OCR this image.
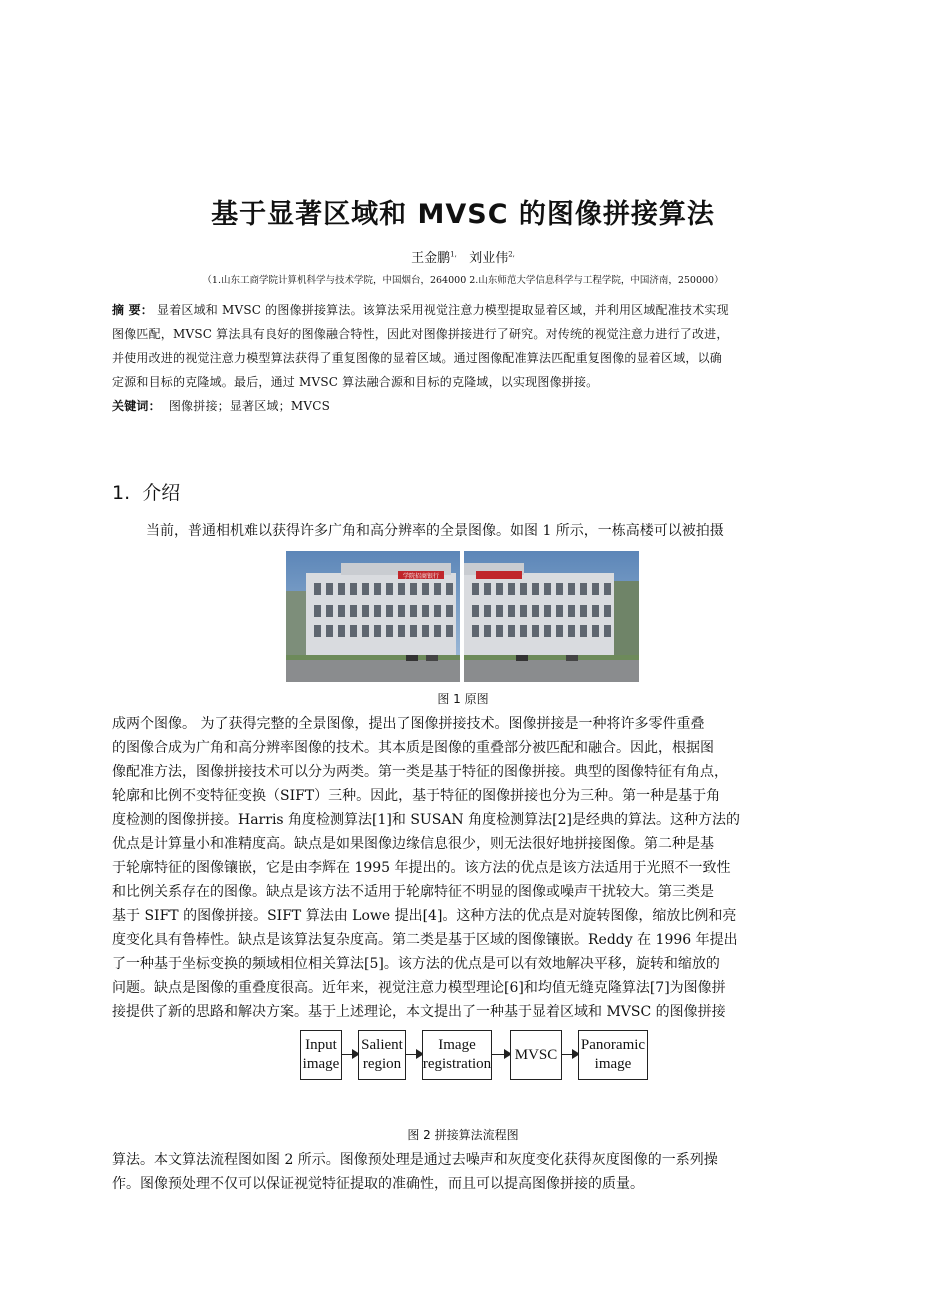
基于显著区域和 MVSC 的图像拼接算法
王金鹏$^{1,}$ 刘业伟$^{2,}$
（1.山东工商学院计算机科学与技术学院，中国烟台，264000 2.山东师范大学信息科学与工程学院，中国济南，250000）
摘 要： 显着区域和 MVSC 的图像拼接算法。该算法采用视觉注意力模型提取显着区域，并利用区域配准技术实现
图像匹配，MVSC 算法具有良好的图像融合特性，因此对图像拼接进行了研究。对传统的视觉注意力进行了改进，
并使用改进的视觉注意力模型算法获得了重复图像的显着区域。通过图像配准算法匹配重复图像的显着区域，以确
定源和目标的克隆域。最后，通过 MVSC 算法融合源和目标的克隆域，以实现图像拼接。
关键词： 图像拼接；显著区域；MVCS
1. 介绍
当前，普通相机难以获得许多广角和高分辨率的全景图像。如图 1 所示，一栋高楼可以被拍摄
学院招商银行
图 1 原图
成两个图像。 为了获得完整的全景图像，提出了图像拼接技术。图像拼接是一种将许多零件重叠
的图像合成为广角和高分辨率图像的技术。其本质是图像的重叠部分被匹配和融合。因此，根据图
像配准方法，图像拼接技术可以分为两类。第一类是基于特征的图像拼接。典型的图像特征有角点，
轮廓和比例不变特征变换（SIFT）三种。因此，基于特征的图像拼接也分为三种。第一种是基于角
度检测的图像拼接。Harris 角度检测算法[1]和 SUSAN 角度检测算法[2]是经典的算法。这种方法的
优点是计算量小和准精度高。缺点是如果图像边缘信息很少，则无法很好地拼接图像。第二种是基
于轮廓特征的图像镶嵌，它是由李辉在 1995 年提出的。该方法的优点是该方法适用于光照不一致性
和比例关系存在的图像。缺点是该方法不适用于轮廓特征不明显的图像或噪声干扰较大。第三类是
基于 SIFT 的图像拼接。SIFT 算法由 Lowe 提出[4]。这种方法的优点是对旋转图像，缩放比例和亮
度变化具有鲁棒性。缺点是该算法复杂度高。第二类是基于区域的图像镶嵌。Reddy 在 1996 年提出
了一种基于坐标变换的频域相位相关算法[5]。该方法的优点是可以有效地解决平移，旋转和缩放的
问题。缺点是图像的重叠度很高。近年来，视觉注意力模型理论[6]和均值无缝克隆算法[7]为图像拼
接提供了新的思路和解决方案。基于上述理论，本文提出了一种基于显着区域和 MVSC 的图像拼接
Input
image
Salient
region
Image
registration
MVSC
Panoramic
image
图 2 拼接算法流程图
算法。本文算法流程图如图 2 所示。图像预处理是通过去噪声和灰度变化获得灰度图像的一系列操
作。图像预处理不仅可以保证视觉特征提取的准确性，而且可以提高图像拼接的质量。
